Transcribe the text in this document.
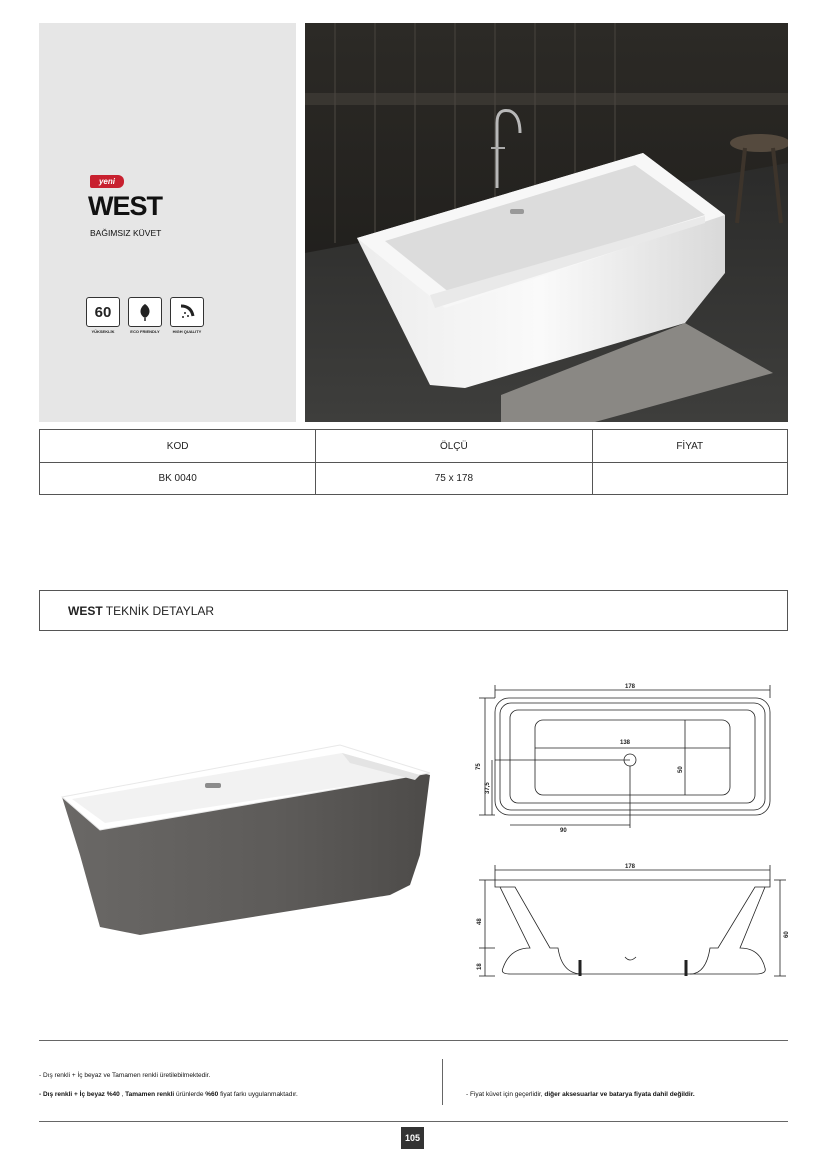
yeni
WEST
BAĞIMSIZ KÜVET
60
YÜKSEKLİK	ECO FRIENDLY	HIGH QUALITY
KOD	ÖLÇÜ	FİYAT
BK 0040	75 x 178	
WEST TEKNİK DETAYLAR
178
138
90
178
75
37,5
50
48
18
60
- Dış renkli + İç beyaz ve Tamamen renkli üretilebilmektedir.
- Dış renkli + İç beyaz %40 , Tamamen renkli ürünlerde %60 fiyat farkı uygulanmaktadır.	- Fiyat küvet için geçerlidir, diğer aksesuarlar ve batarya fiyata dahil değildir.
105
